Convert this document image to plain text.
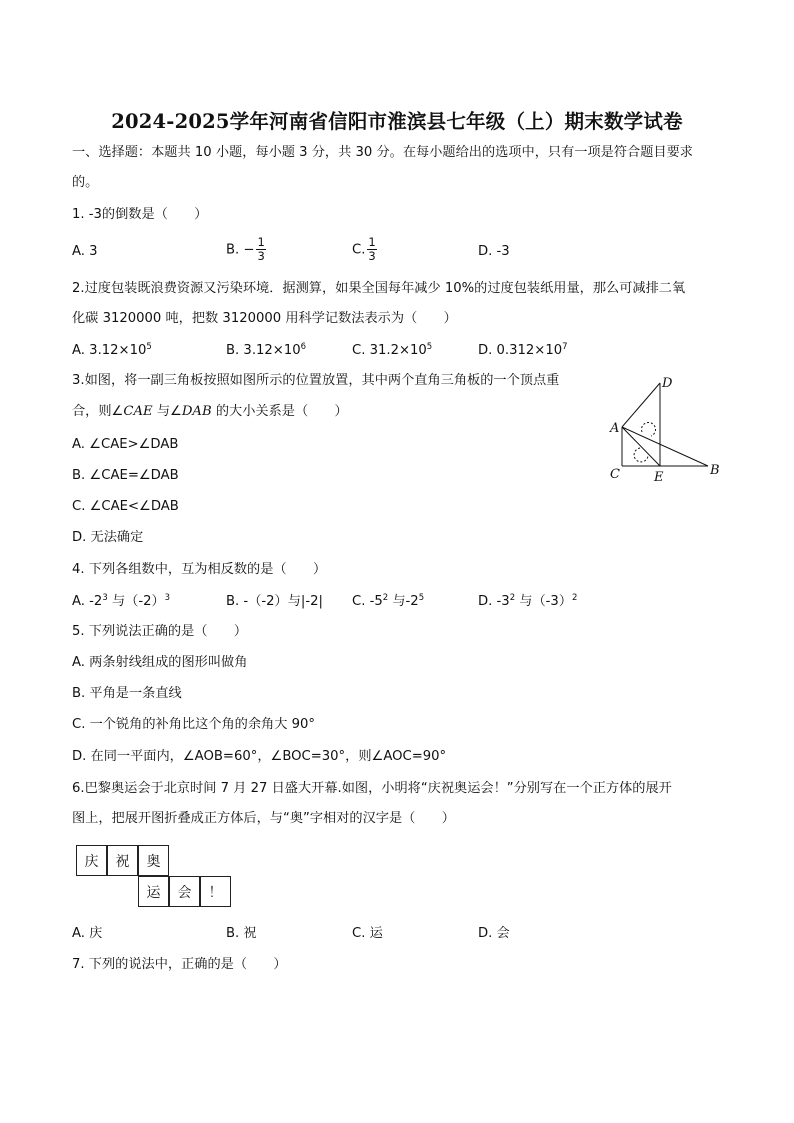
2024-2025学年河南省信阳市淮滨县七年级（上）期末数学试卷
一、选择题：本题共 10 小题，每小题 3 分，共 30 分。在每小题给出的选项中，只有一项是符合题目要求
的。
1. -3的倒数是（　　）
A. 3	B. − $\frac{1}{3}$	C. $\frac{1}{3}$	D. -3
2.过度包装既浪费资源又污染环境．据测算，如果全国每年减少 10%的过度包装纸用量，那么可减排二氧
化碳 3120000 吨，把数 3120000 用科学记数法表示为（　　）
A. $3.12\times 10^5$	B. $3.12\times 10^6$	C. $31.2\times 10^5$	D. $0.312\times 10^7$
3.如图，将一副三角板按照如图所示的位置放置，其中两个直角三角板的一个顶点重
合，则∠CAE 与∠DAB 的大小关系是（　　）
A. ∠CAE>∠DAB
B. ∠CAE=∠DAB
C. ∠CAE<∠DAB
D. 无法确定
D
A
C	E	B
4. 下列各组数中，互为相反数的是（　　）
A. $-2^3$ 与$(-2)^3$	B. -（-2）与|-2| C. $-5^2$ 与$-2^5$	D. $-3^2$ 与$(-3)^2$
5. 下列说法正确的是（　　）
A. 两条射线组成的图形叫做角
B. 平角是一条直线
C. 一个锐角的补角比这个角的余角大 90°
D. 在同一平面内，∠AOB=60°，∠BOC=30°，则∠AOC=90°
6.巴黎奥运会于北京时间 7 月 27 日盛大开幕.如图，小明将“庆祝奥运会！”分别写在一个正方体的展开
图上，把展开图折叠成正方体后，与“奥”字相对的汉字是（　　）
庆	祝	奥
运	会	！
A. 庆	B. 祝	C. 运	D. 会
7. 下列的说法中，正确的是（　　）
